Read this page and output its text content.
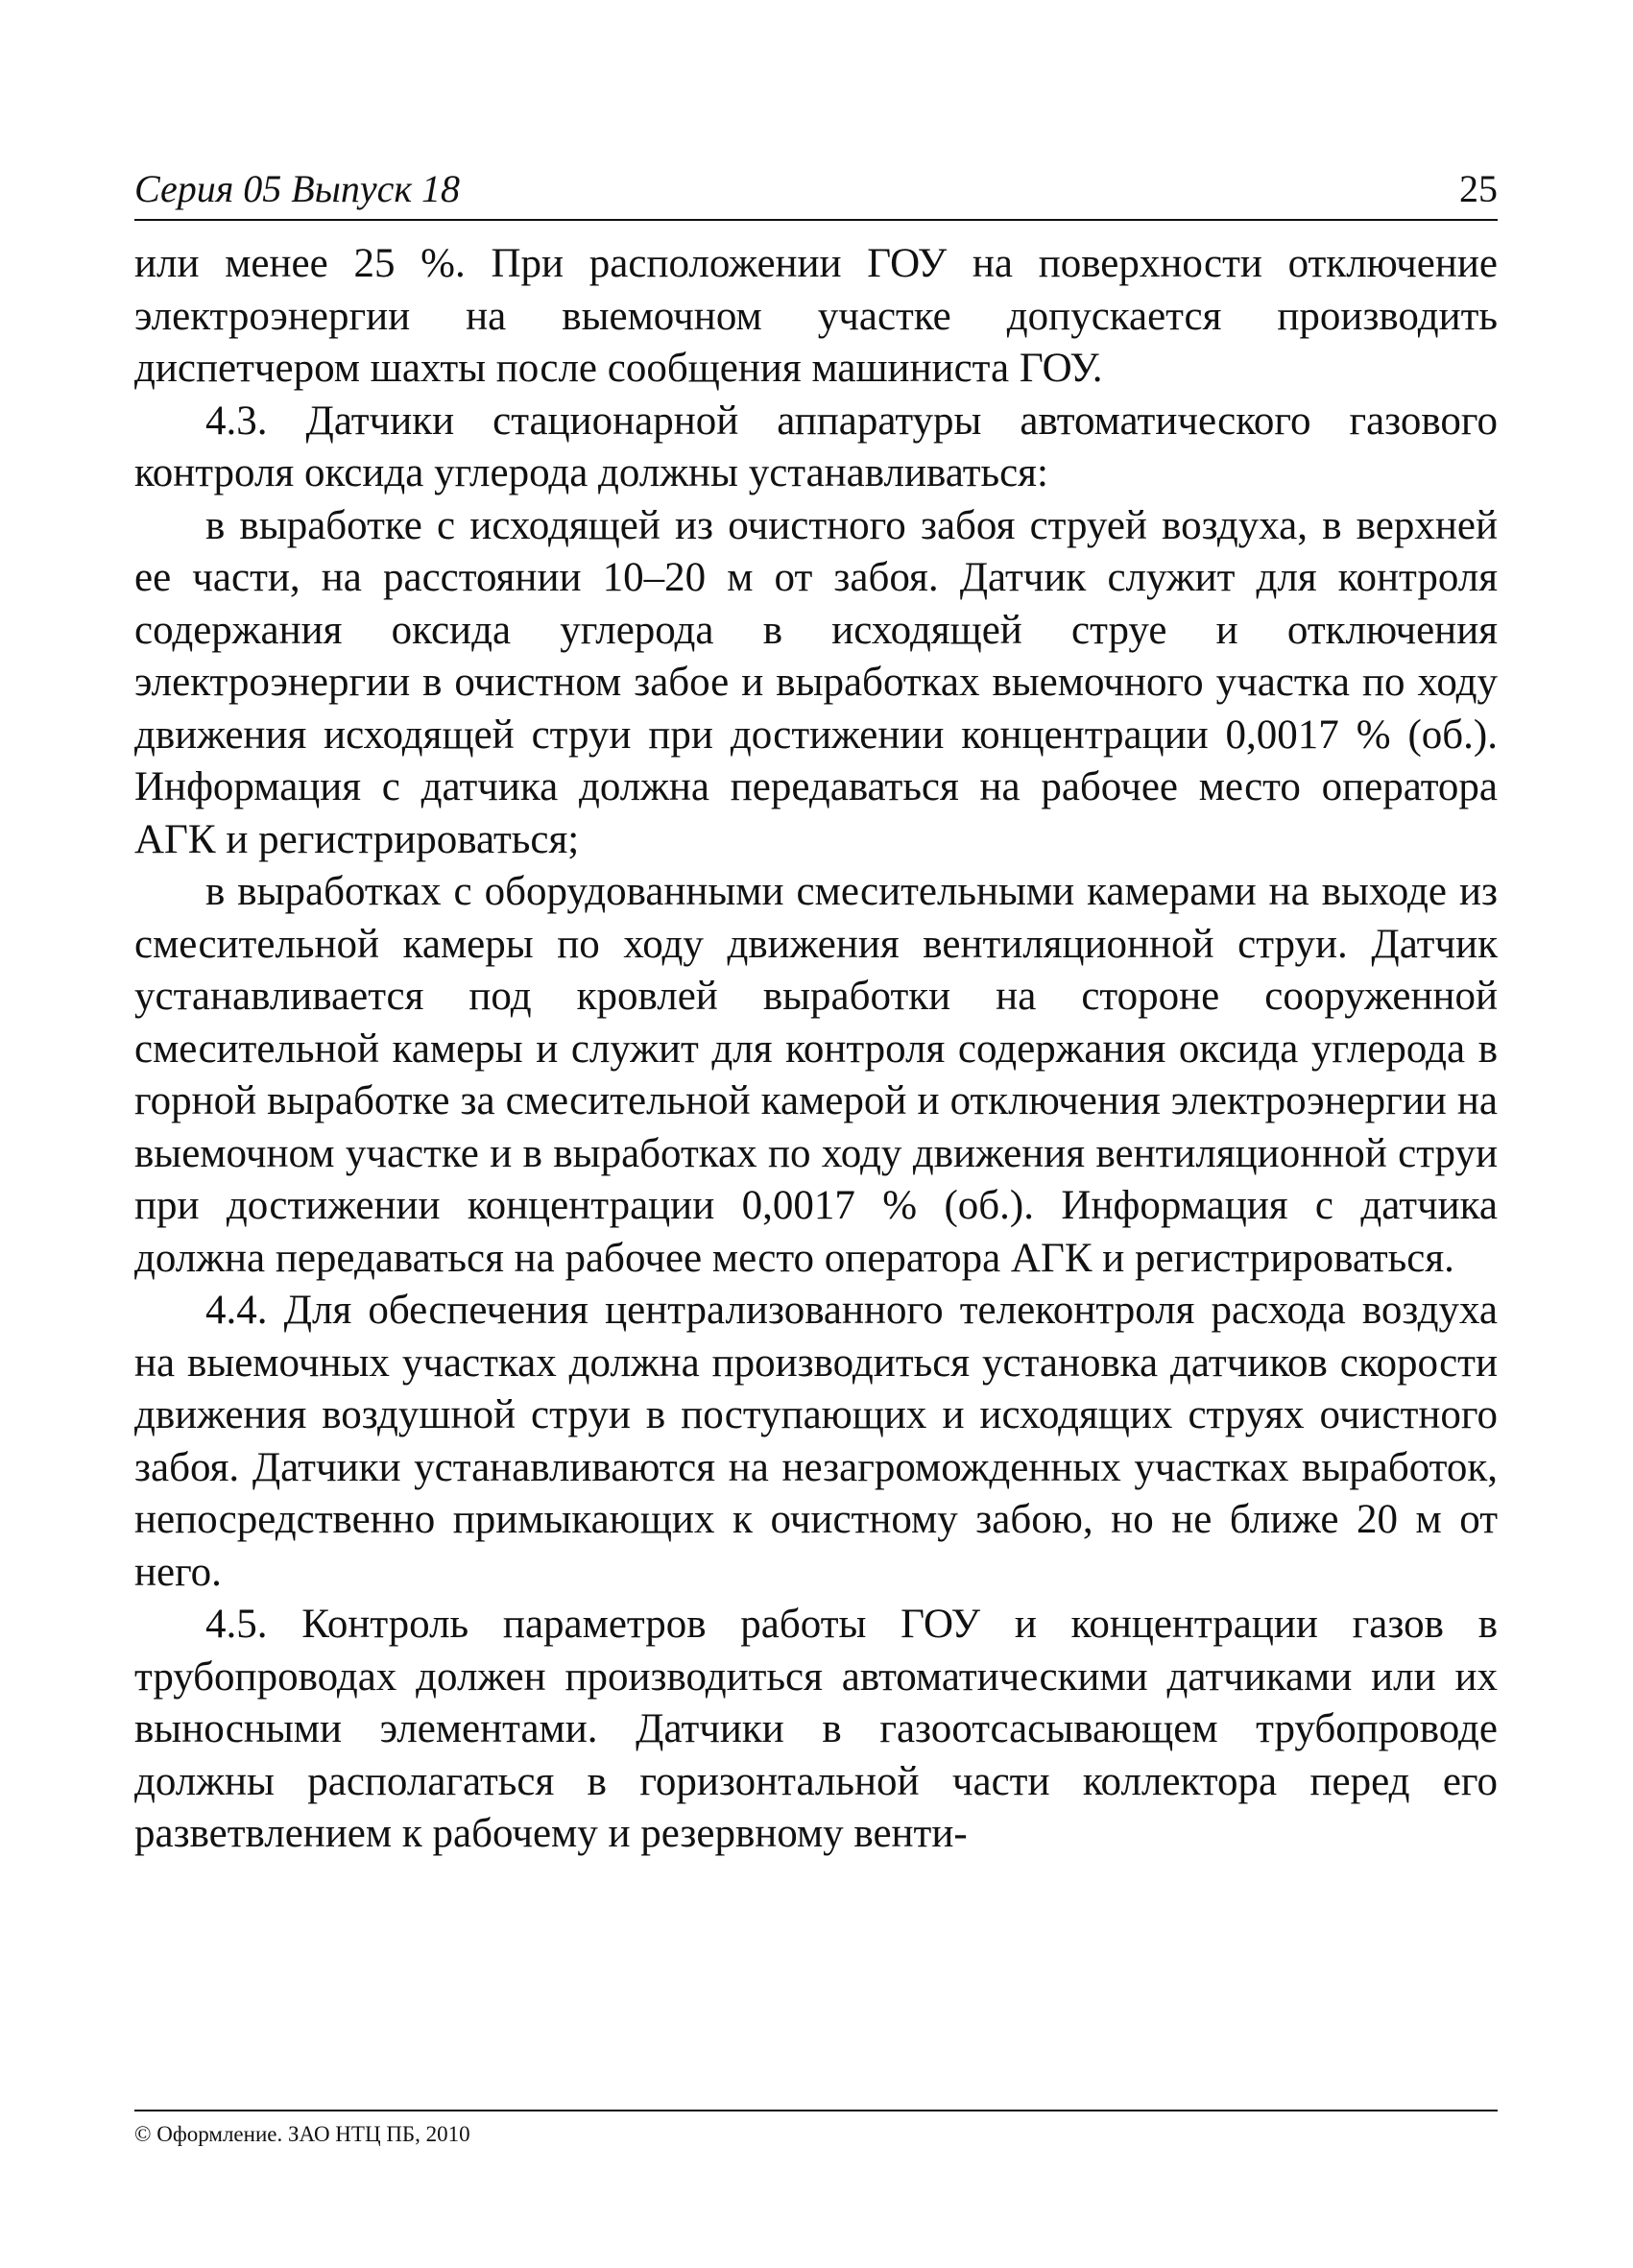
Серия 05 Выпуск 18	25

или менее 25 %. При расположении ГОУ на поверхности отключение электроэнергии на выемочном участке допускается производить диспетчером шахты после сообщения машиниста ГОУ.

4.3. Датчики стационарной аппаратуры автоматического газового контроля оксида углерода должны устанавливаться:

в выработке с исходящей из очистного забоя струей воздуха, в верхней ее части, на расстоянии 10–20 м от забоя. Датчик служит для контроля содержания оксида углерода в исходящей струе и отключения электроэнергии в очистном забое и выработках выемочного участка по ходу движения исходящей струи при достижении концентрации 0,0017 % (об.). Информация с датчика должна передаваться на рабочее место оператора АГК и регистрироваться;

в выработках с оборудованными смесительными камерами на выходе из смесительной камеры по ходу движения вентиляционной струи. Датчик устанавливается под кровлей выработки на стороне сооруженной смесительной камеры и служит для контроля содержания оксида углерода в горной выработке за смесительной камерой и отключения электроэнергии на выемочном участке и в выработках по ходу движения вентиляционной струи при достижении концентрации 0,0017 % (об.). Информация с датчика должна передаваться на рабочее место оператора АГК и регистрироваться.

4.4. Для обеспечения централизованного телеконтроля расхода воздуха на выемочных участках должна производиться установка датчиков скорости движения воздушной струи в поступающих и исходящих струях очистного забоя. Датчики устанавливаются на незагроможденных участках выработок, непосредственно примыкающих к очистному забою, но не ближе 20 м от него.

4.5. Контроль параметров работы ГОУ и концентрации газов в трубопроводах должен производиться автоматическими датчиками или их выносными элементами. Датчики в газоотсасывающем трубопроводе должны располагаться в горизонтальной части коллектора перед его разветвлением к рабочему и резервному венти-

© Оформление. ЗАО НТЦ ПБ, 2010
